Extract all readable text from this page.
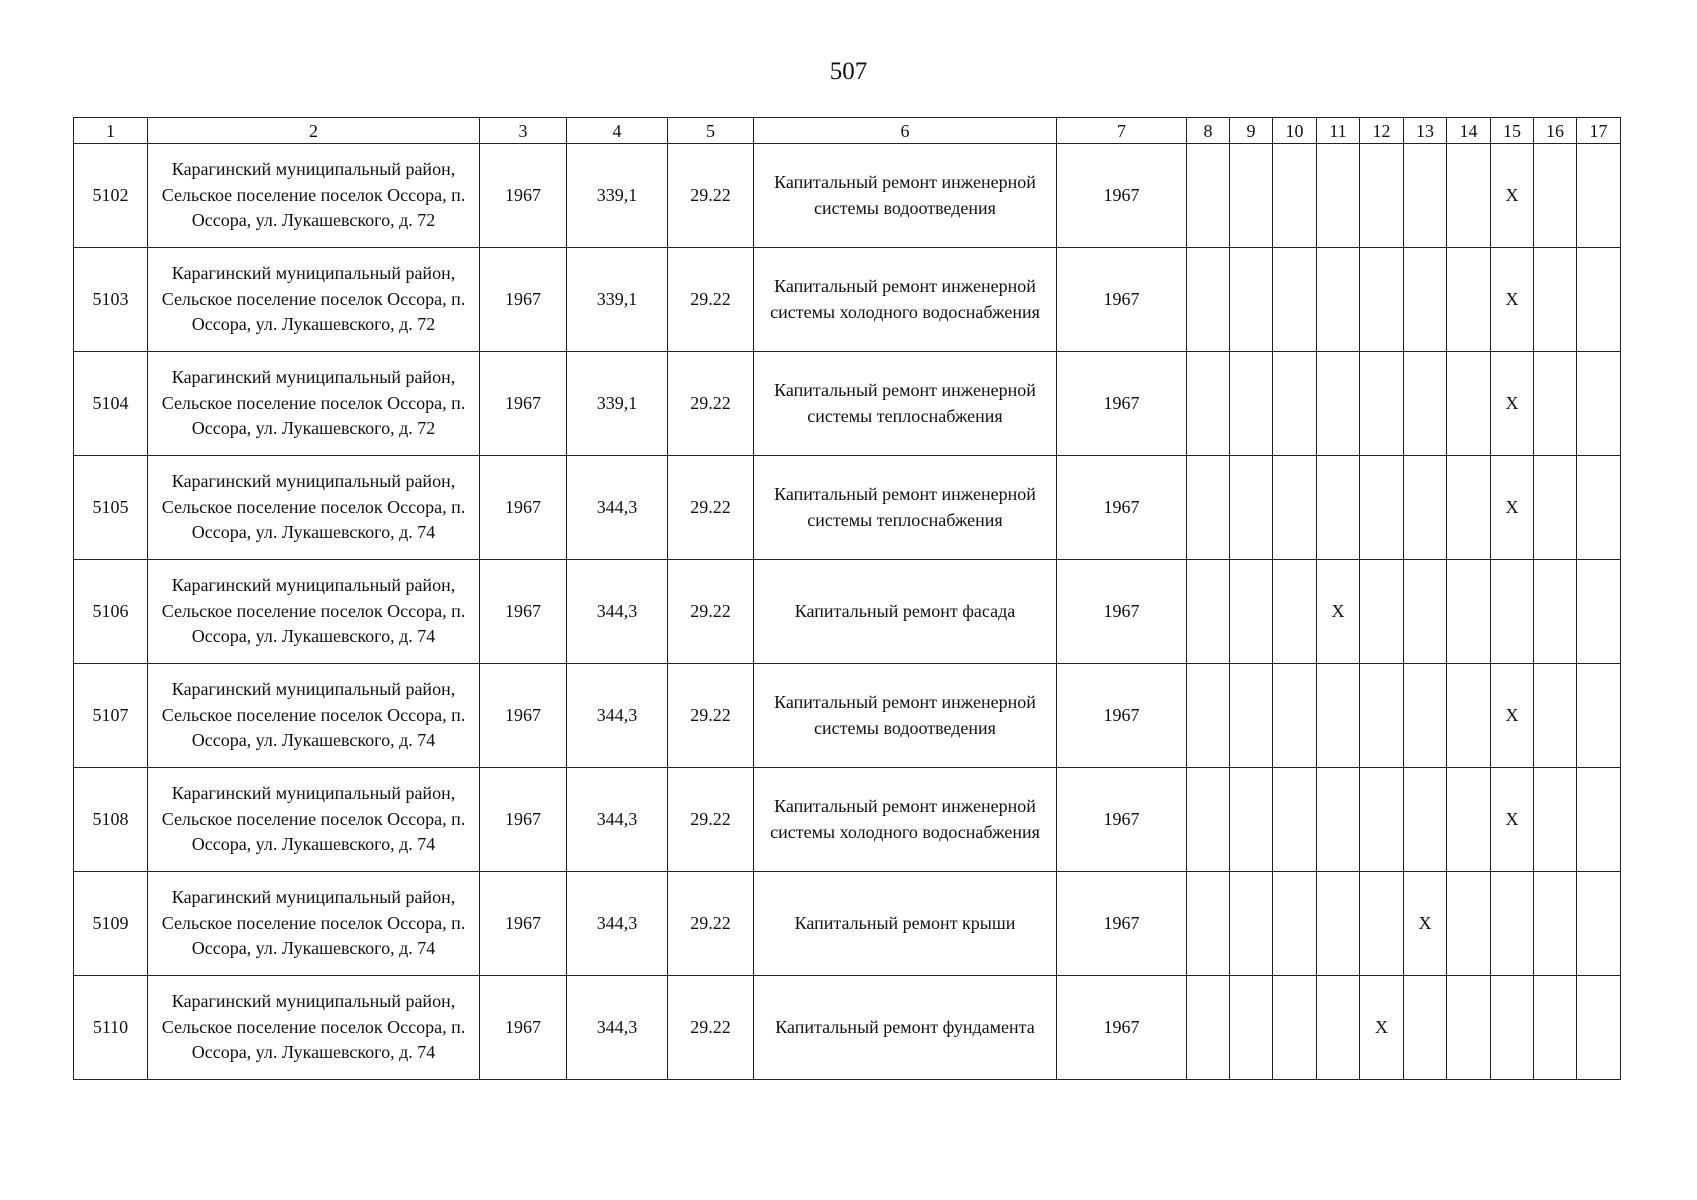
507
1	2	3	4	5	6	7	8	9	10	11	12	13	14	15	16	17
5102	Карагинский муниципальный район, Сельское поселение поселок Оссора, п. Оссора, ул. Лукашевского, д. 72	1967	339,1	29.22	Капитальный ремонт инженерной системы водоотведения	1967								X		
5103	Карагинский муниципальный район, Сельское поселение поселок Оссора, п. Оссора, ул. Лукашевского, д. 72	1967	339,1	29.22	Капитальный ремонт инженерной системы холодного водоснабжения	1967								X		
5104	Карагинский муниципальный район, Сельское поселение поселок Оссора, п. Оссора, ул. Лукашевского, д. 72	1967	339,1	29.22	Капитальный ремонт инженерной системы теплоснабжения	1967								X		
5105	Карагинский муниципальный район, Сельское поселение поселок Оссора, п. Оссора, ул. Лукашевского, д. 74	1967	344,3	29.22	Капитальный ремонт инженерной системы теплоснабжения	1967								X		
5106	Карагинский муниципальный район, Сельское поселение поселок Оссора, п. Оссора, ул. Лукашевского, д. 74	1967	344,3	29.22	Капитальный ремонт фасада	1967				X						
5107	Карагинский муниципальный район, Сельское поселение поселок Оссора, п. Оссора, ул. Лукашевского, д. 74	1967	344,3	29.22	Капитальный ремонт инженерной системы водоотведения	1967								X		
5108	Карагинский муниципальный район, Сельское поселение поселок Оссора, п. Оссора, ул. Лукашевского, д. 74	1967	344,3	29.22	Капитальный ремонт инженерной системы холодного водоснабжения	1967								X		
5109	Карагинский муниципальный район, Сельское поселение поселок Оссора, п. Оссора, ул. Лукашевского, д. 74	1967	344,3	29.22	Капитальный ремонт крыши	1967						X				
5110	Карагинский муниципальный район, Сельское поселение поселок Оссора, п. Оссора, ул. Лукашевского, д. 74	1967	344,3	29.22	Капитальный ремонт фундамента	1967					X					
